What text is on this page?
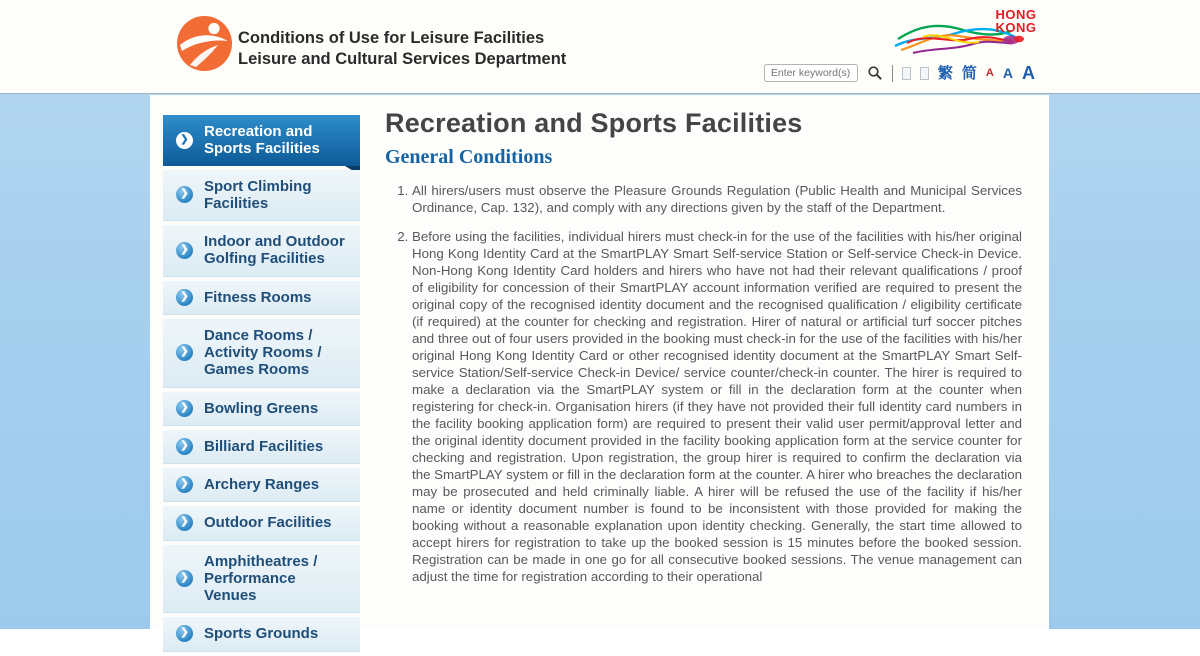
Conditions of Use for Leisure Facilities
Leisure and Cultural Services Department
HONG
KONG
Enter keyword(s)
繁 简 A A A
❯ Recreation and Sports Facilities
❯ Sport Climbing Facilities
❯ Indoor and Outdoor Golfing Facilities
❯ Fitness Rooms
❯
Dance Rooms / Activity Rooms / Games Rooms
❯ Bowling Greens
❯ Billiard Facilities
❯ Archery Ranges
❯ Outdoor Facilities
❯
Amphitheatres / Performance Venues
❯ Sports Grounds
Recreation and Sports Facilities
General Conditions
1. All hirers/users must observe the Pleasure Grounds Regulation (Public Health and Municipal Services Ordinance, Cap. 132), and comply with any directions given by the staff of the Department.
2. Before using the facilities, individual hirers must check-in for the use of the facilities with his/her original Hong Kong Identity Card at the SmartPLAY Smart Self-service Station or Self-service Check-in Device. Non-Hong Kong Identity Card holders and hirers who have not had their relevant qualifications / proof of eligibility for concession of their SmartPLAY account information verified are required to present the original copy of the recognised identity document and the recognised qualification / eligibility certificate (if required) at the counter for checking and registration. Hirer of natural or artificial turf soccer pitches and three out of four users provided in the booking must check-in for the use of the facilities with his/her original Hong Kong Identity Card or other recognised identity document at the SmartPLAY Smart Self-service Station/Self-service Check-in Device/ service counter/check-in counter. The hirer is required to make a declaration via the SmartPLAY system or fill in the declaration form at the counter when registering for check-in. Organisation hirers (if they have not provided their full identity card numbers in the facility booking application form) are required to present their valid user permit/approval letter and the original identity document provided in the facility booking application form at the service counter for checking and registration. Upon registration, the group hirer is required to confirm the declaration via the SmartPLAY system or fill in the declaration form at the counter. A hirer who breaches the declaration may be prosecuted and held criminally liable. A hirer will be refused the use of the facility if his/her name or identity document number is found to be inconsistent with those provided for making the booking without a reasonable explanation upon identity checking. Generally, the start time allowed to accept hirers for registration to take up the booked session is 15 minutes before the booked session. Registration can be made in one go for all consecutive booked sessions. The venue management can adjust the time for registration according to their operational
